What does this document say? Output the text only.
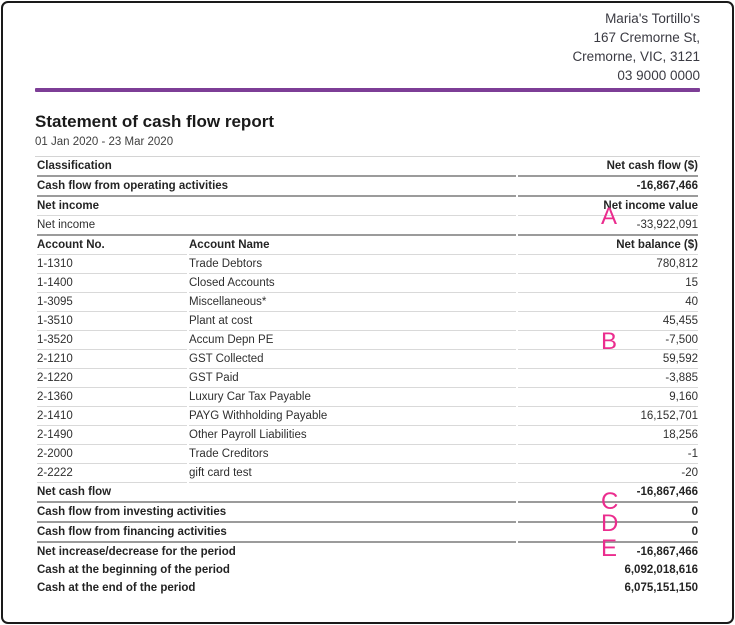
Maria's Tortillo's
167 Cremorne St,
Cremorne, VIC, 3121
03 9000 0000
Statement of cash flow report
01 Jan 2020 - 23 Mar 2020
Classification		Net cash flow ($)
Cash flow from operating activities		-16,867,466
Net income		Net income value
Net income		-33,922,091
Account No.	Account Name	Net balance ($)
1-1310	Trade Debtors	780,812
1-1400	Closed Accounts	15
1-3095	Miscellaneous*	40
1-3510	Plant at cost	45,455
1-3520	Accum Depn PE	-7,500
2-1210	GST Collected	59,592
2-1220	GST Paid	-3,885
2-1360	Luxury Car Tax Payable	9,160
2-1410	PAYG Withholding Payable	16,152,701
2-1490	Other Payroll Liabilities	18,256
2-2000	Trade Creditors	-1
2-2222	gift card test	-20
Net cash flow		-16,867,466
Cash flow from investing activities		0
Cash flow from financing activities		0
Net increase/decrease for the period		-16,867,466
Cash at the beginning of the period		6,092,018,616
Cash at the end of the period		6,075,151,150
A
B
C
D
E
